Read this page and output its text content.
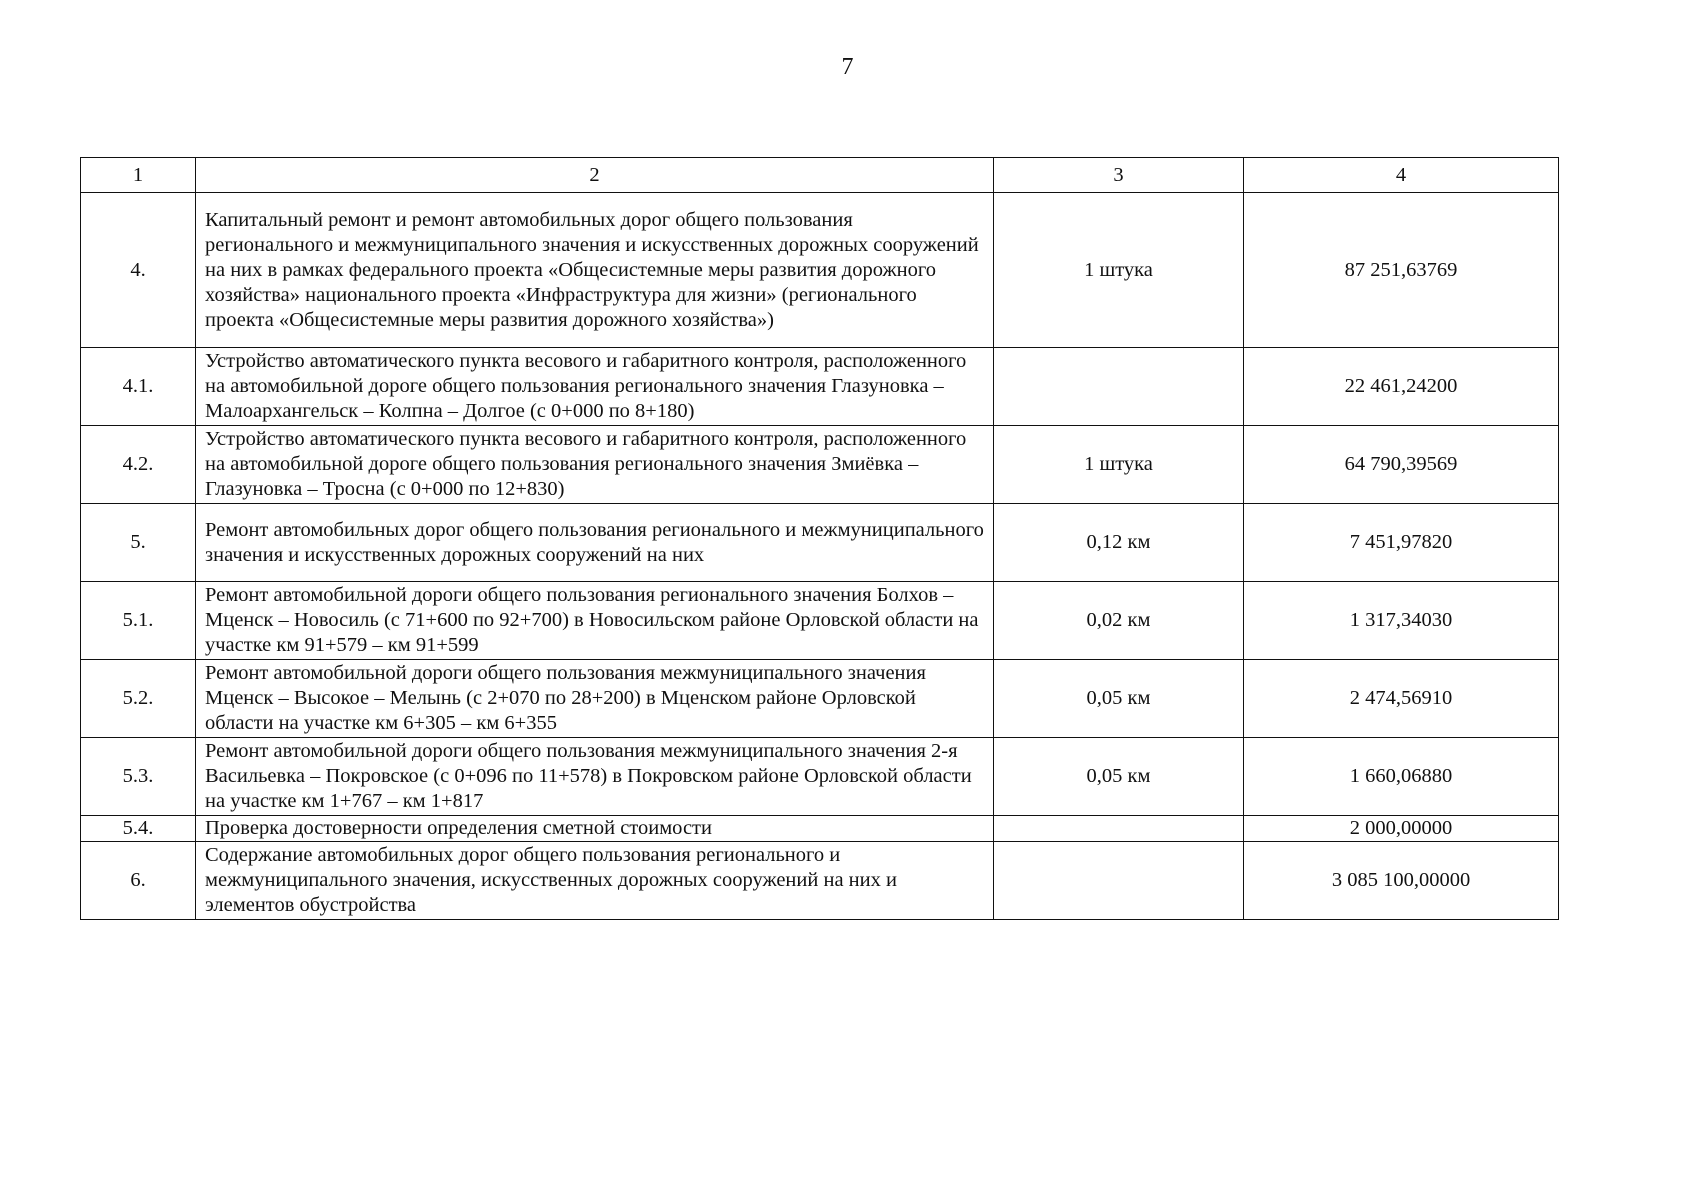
7
1	2	3	4
4.	Капитальный ремонт и ремонт автомобильных дорог общего пользования регионального и межмуниципального значения и искусственных дорожных сооружений на них в рамках федерального проекта «Общесистемные меры развития дорожного хозяйства» национального проекта «Инфраструктура для жизни» (регионального проекта «Общесистемные меры развития дорожного хозяйства»)	1 штука	87 251,63769
4.1.	Устройство автоматического пункта весового и габаритного контроля, расположенного на автомобильной дороге общего пользования регионального значения Глазуновка – Малоархангельск – Колпна – Долгое (с 0+000 по 8+180)		22 461,24200
4.2.	Устройство автоматического пункта весового и габаритного контроля, расположенного на автомобильной дороге общего пользования регионального значения Змиёвка – Глазуновка – Тросна (с 0+000 по 12+830)	1 штука	64 790,39569
5.	Ремонт автомобильных дорог общего пользования регионального и межмуниципального значения и искусственных дорожных сооружений на них	0,12 км	7 451,97820
5.1.	Ремонт автомобильной дороги общего пользования регионального значения Болхов – Мценск – Новосиль (с 71+600 по 92+700) в Новосильском районе Орловской области на участке км 91+579 – км 91+599	0,02 км	1 317,34030
5.2.	Ремонт автомобильной дороги общего пользования межмуниципального значения Мценск – Высокое – Мелынь (с 2+070 по 28+200) в Мценском районе Орловской области на участке км 6+305 – км 6+355	0,05 км	2 474,56910
5.3.	Ремонт автомобильной дороги общего пользования межмуниципального значения 2-я Васильевка – Покровское (с 0+096 по 11+578) в Покровском районе Орловской области на участке км 1+767 – км 1+817	0,05 км	1 660,06880
5.4.	Проверка достоверности определения сметной стоимости		2 000,00000
6.	Содержание автомобильных дорог общего пользования регионального и межмуниципального значения, искусственных дорожных сооружений на них и элементов обустройства		3 085 100,00000
